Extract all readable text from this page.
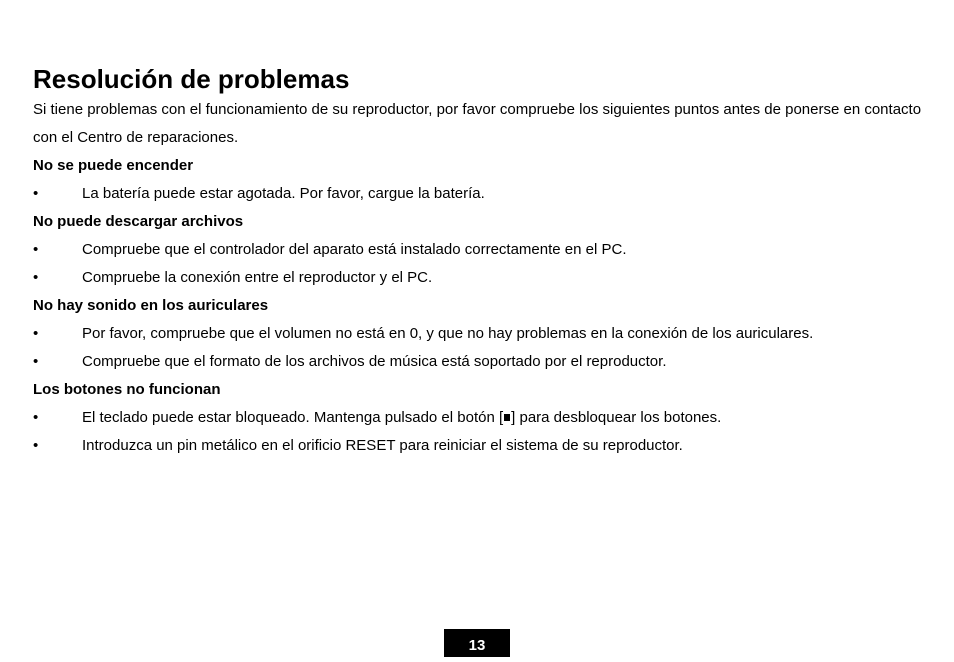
Resolución de problemas

Si tiene problemas con el funcionamiento de su reproductor, por favor compruebe los siguientes puntos antes de ponerse en contacto con el Centro de reparaciones.

No se puede encender
•	La batería puede estar agotada. Por favor, cargue la batería.
No puede descargar archivos
•	Compruebe que el controlador del aparato está instalado correctamente en el PC.
•	Compruebe la conexión entre el reproductor y el PC.
No hay sonido en los auriculares
•	Por favor, compruebe que el volumen no está en 0, y que no hay problemas en la conexión de los auriculares.
•	Compruebe que el formato de los archivos de música está soportado por el reproductor.
Los botones no funcionan
•	El teclado puede estar bloqueado. Mantenga pulsado el botón [ ] para desbloquear los botones.
•	Introduzca un pin metálico en el orificio RESET para reiniciar el sistema de su reproductor.
13
